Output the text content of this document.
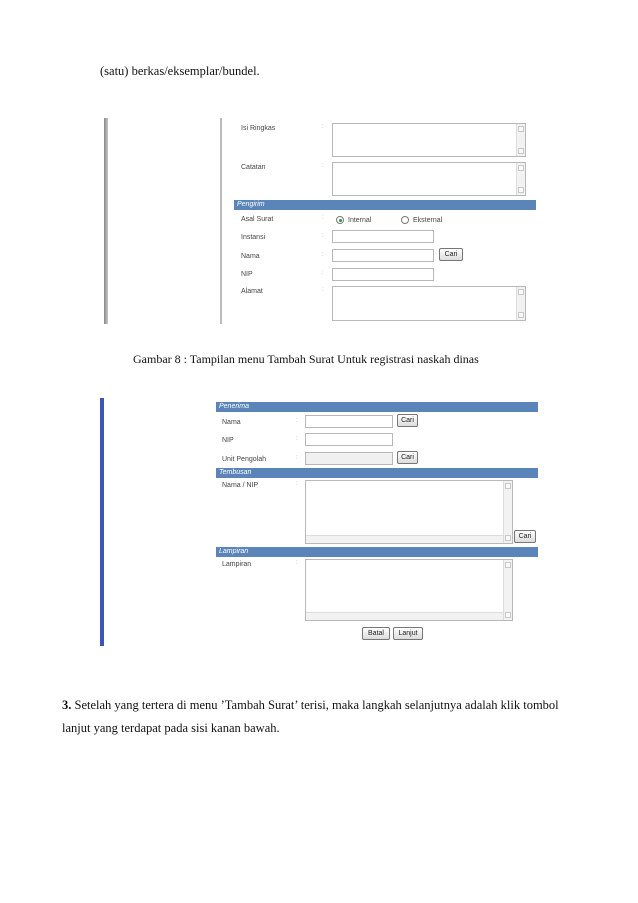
(satu) berkas/eksemplar/bundel.
Isi Ringkas	:
Catatan	:
Pengirim
Asal Surat	:	Internal	Eksternal
Instansi	:
Nama	:	Cari
NIP	:
Alamat	:
Gambar 8 : Tampilan menu Tambah Surat Untuk registrasi naskah dinas
Penerima
Nama	:	Cari
NIP	:
Unit Pengolah	:	Cari
Tembusan
Nama / NIP	:
Cari
Lampiran
Lampiran	:
Batal	Lanjut
3. Setelah yang tertera di menu ’Tambah Surat’ terisi, maka langkah selanjutnya adalah klik tombol
lanjut yang terdapat pada sisi kanan bawah.
